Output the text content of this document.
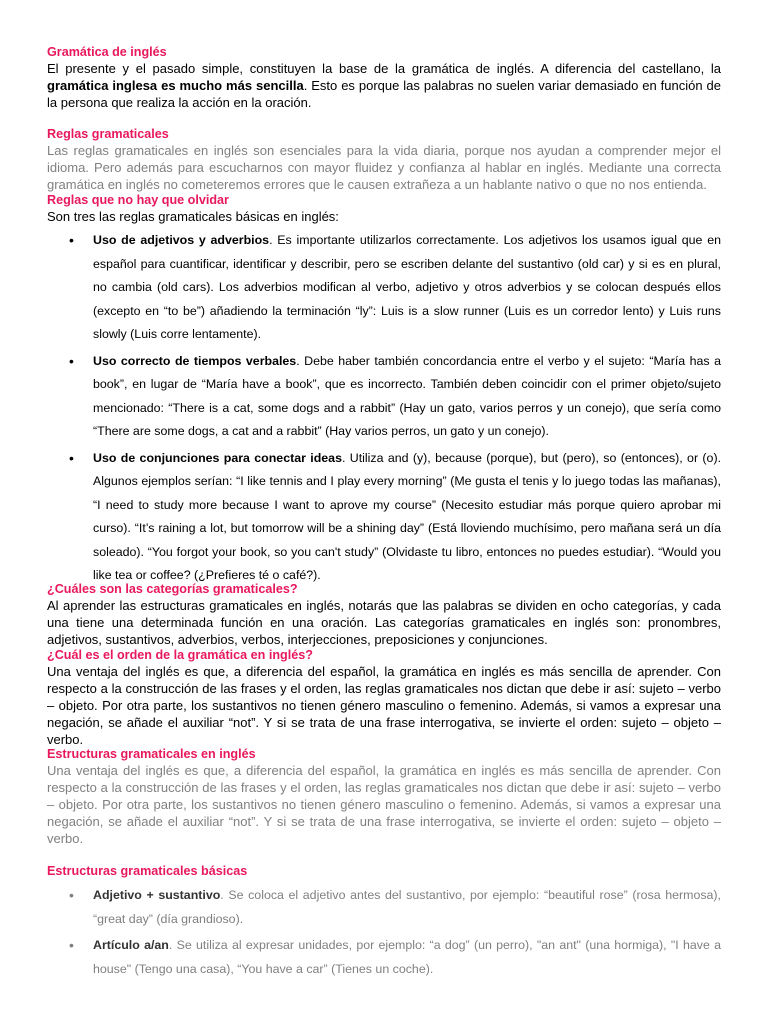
Gramática de inglés

El presente y el pasado simple, constituyen la base de la gramática de inglés. A diferencia del castellano, la gramática inglesa es mucho más sencilla. Esto es porque las palabras no suelen variar demasiado en función de la persona que realiza la acción en la oración.

Reglas gramaticales

Las reglas gramaticales en inglés son esenciales para la vida diaria, porque nos ayudan a comprender mejor el idioma. Pero además para escucharnos con mayor fluidez y confianza al hablar en inglés. Mediante una correcta gramática en inglés no cometeremos errores que le causen extrañeza a un hablante nativo o que no nos entienda.

Reglas que no hay que olvidar

Son tres las reglas gramaticales básicas en inglés:

• Uso de adjetivos y adverbios. Es importante utilizarlos correctamente. Los adjetivos los usamos igual que en español para cuantificar, identificar y describir, pero se escriben delante del sustantivo (old car) y si es en plural, no cambia (old cars). Los adverbios modifican al verbo, adjetivo y otros adverbios y se colocan después ellos (excepto en “to be”) añadiendo la terminación “ly”: Luis is a slow runner (Luis es un corredor lento) y Luis runs slowly (Luis corre lentamente).
• Uso correcto de tiempos verbales. Debe haber también concordancia entre el verbo y el sujeto: “María has a book”, en lugar de “María have a book”, que es incorrecto. También deben coincidir con el primer objeto/sujeto mencionado: “There is a cat, some dogs and a rabbit” (Hay un gato, varios perros y un conejo), que sería como “There are some dogs, a cat and a rabbit” (Hay varios perros, un gato y un conejo).
• Uso de conjunciones para conectar ideas. Utiliza and (y), because (porque), but (pero), so (entonces), or (o). Algunos ejemplos serían: “I like tennis and I play every morning” (Me gusta el tenis y lo juego todas las mañanas), “I need to study more because I want to aprove my course” (Necesito estudiar más porque quiero aprobar mi curso). “It’s raining a lot, but tomorrow will be a shining day” (Está lloviendo muchísimo, pero mañana será un día soleado). “You forgot your book, so you can't study” (Olvidaste tu libro, entonces no puedes estudiar). “Would you like tea or coffee? (¿Prefieres té o café?).

¿Cuáles son las categorías gramaticales?

Al aprender las estructuras gramaticales en inglés, notarás que las palabras se dividen en ocho categorías, y cada una tiene una determinada función en una oración. Las categorías gramaticales en inglés son: pronombres, adjetivos, sustantivos, adverbios, verbos, interjecciones, preposiciones y conjunciones.

¿Cuál es el orden de la gramática en inglés?

Una ventaja del inglés es que, a diferencia del español, la gramática en inglés es más sencilla de aprender. Con respecto a la construcción de las frases y el orden, las reglas gramaticales nos dictan que debe ir así: sujeto – verbo – objeto. Por otra parte, los sustantivos no tienen género masculino o femenino. Además, si vamos a expresar una negación, se añade el auxiliar “not”. Y si se trata de una frase interrogativa, se invierte el orden: sujeto – objeto – verbo.

Estructuras gramaticales en inglés

Una ventaja del inglés es que, a diferencia del español, la gramática en inglés es más sencilla de aprender. Con respecto a la construcción de las frases y el orden, las reglas gramaticales nos dictan que debe ir así: sujeto – verbo – objeto. Por otra parte, los sustantivos no tienen género masculino o femenino. Además, si vamos a expresar una negación, se añade el auxiliar “not”. Y si se trata de una frase interrogativa, se invierte el orden: sujeto – objeto – verbo.

Estructuras gramaticales básicas

• Adjetivo + sustantivo. Se coloca el adjetivo antes del sustantivo, por ejemplo: “beautiful rose” (rosa hermosa), “great day” (día grandioso).
• Artículo a/an. Se utiliza al expresar unidades, por ejemplo: “a dog” (un perro), "an ant" (una hormiga), "I have a house" (Tengo una casa), “You have a car” (Tienes un coche).
